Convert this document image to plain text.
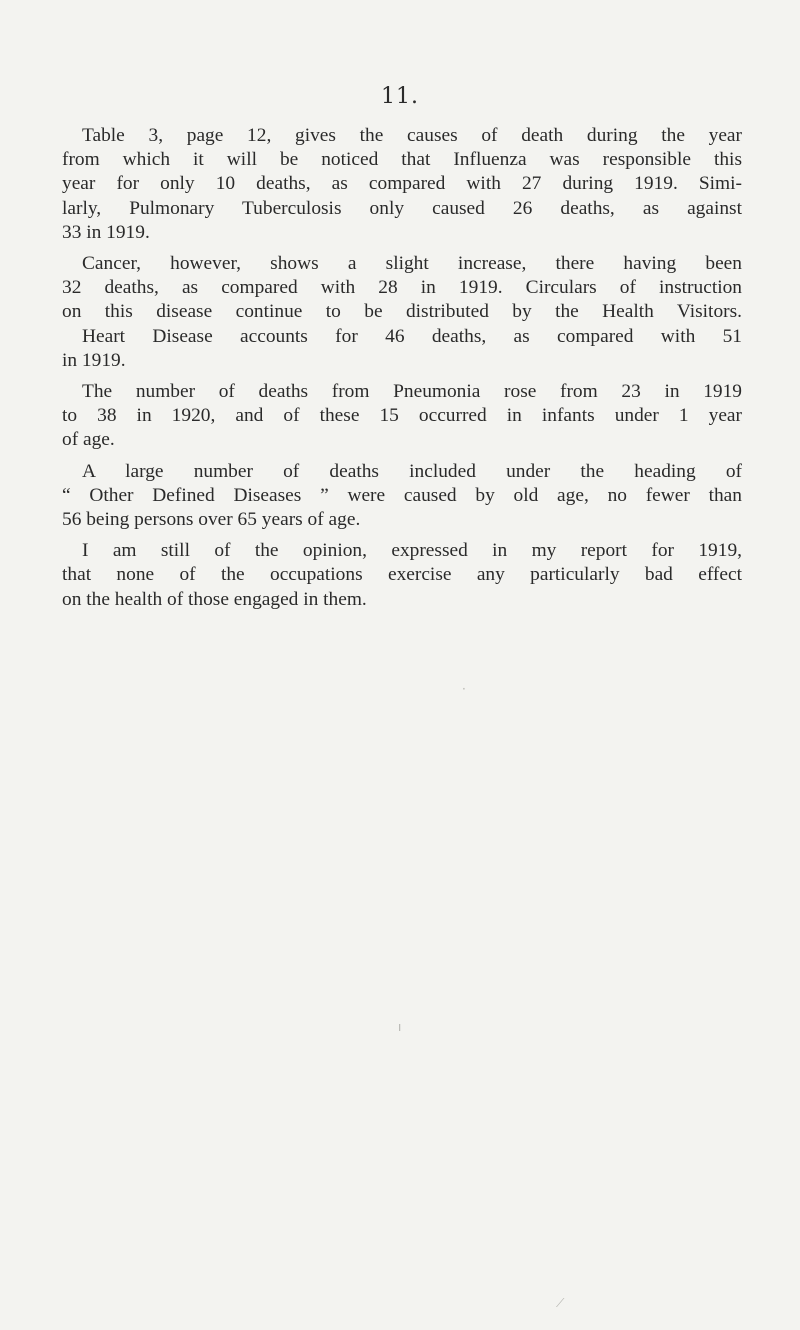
11.

Table 3, page 12, gives the causes of death during the year
from which it will be noticed that Influenza was responsible this
year for only 10 deaths, as compared with 27 during 1919. Simi-
larly, Pulmonary Tuberculosis only caused 26 deaths, as against
33 in 1919.

Cancer, however, shows a slight increase, there having been
32 deaths, as compared with 28 in 1919. Circulars of instruction
on this disease continue to be distributed by the Health Visitors.

Heart Disease accounts for 46 deaths, as compared with 51
in 1919.

The number of deaths from Pneumonia rose from 23 in 1919
to 38 in 1920, and of these 15 occurred in infants under 1 year
of age.

A large number of deaths included under the heading of
“ Other Defined Diseases ” were caused by old age, no fewer than
56 being persons over 65 years of age.

I am still of the opinion, expressed in my report for 1919,
that none of the occupations exercise any particularly bad effect
on the health of those engaged in them.

·
ı
⟋
